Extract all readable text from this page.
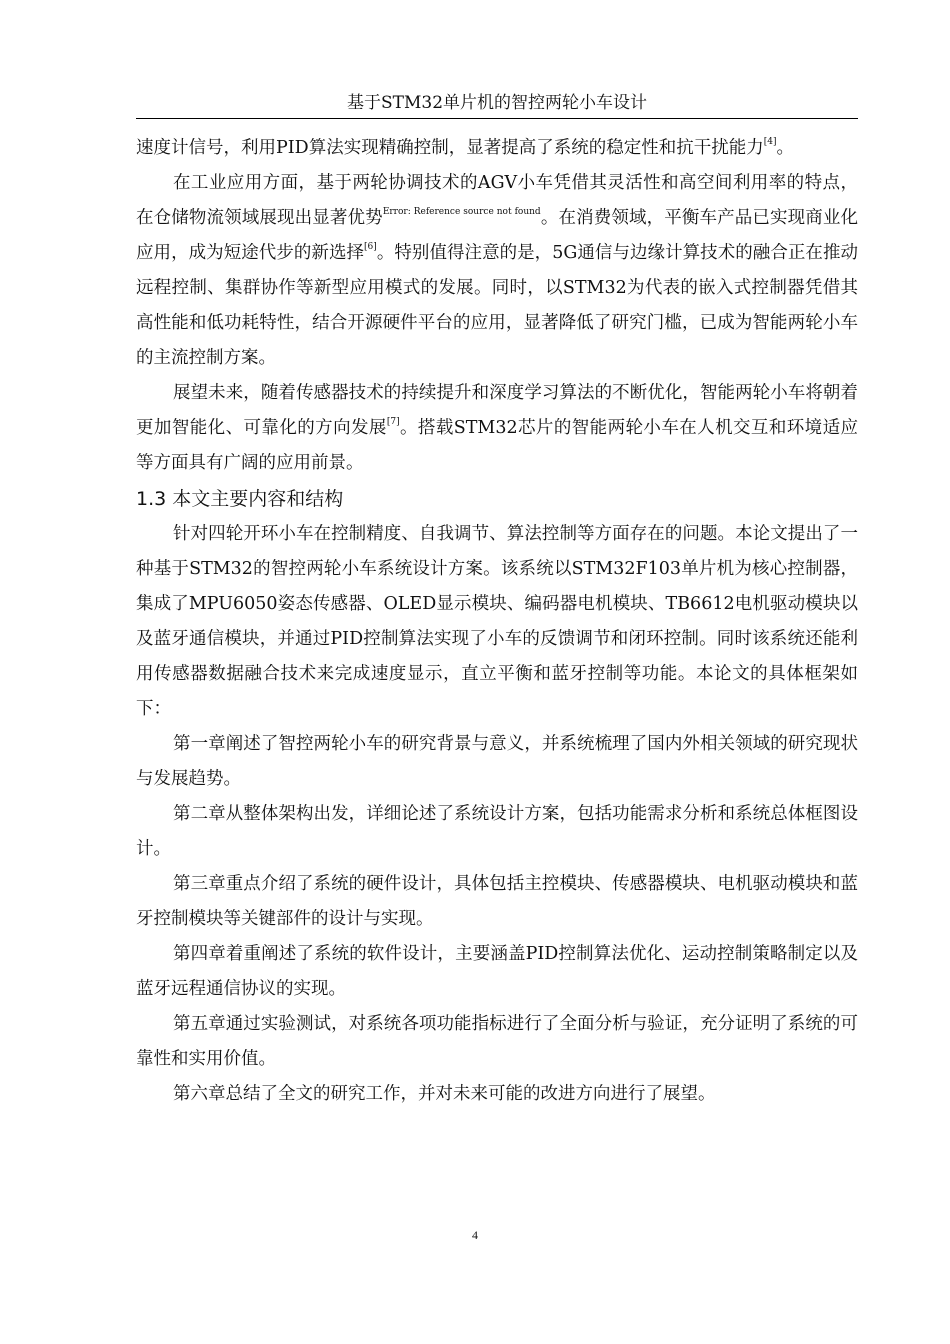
基于STM32单片机的智控两轮小车设计

速度计信号，利用PID算法实现精确控制，显著提高了系统的稳定性和抗干扰能力[4]。

在工业应用方面，基于两轮协调技术的AGV小车凭借其灵活性和高空间利用率的特点，在仓储物流领域展现出显著优势$^{Error: Reference source not found}$。在消费领域，平衡车产品已实现商业化应用，成为短途代步的新选择[6]。特别值得注意的是，5G通信与边缘计算技术的融合正在推动远程控制、集群协作等新型应用模式的发展。同时，以STM32为代表的嵌入式控制器凭借其高性能和低功耗特性，结合开源硬件平台的应用，显著降低了研究门槛，已成为智能两轮小车的主流控制方案。

展望未来，随着传感器技术的持续提升和深度学习算法的不断优化，智能两轮小车将朝着更加智能化、可靠化的方向发展[7]。搭载STM32芯片的智能两轮小车在人机交互和环境适应等方面具有广阔的应用前景。

1.3 本文主要内容和结构

针对四轮开环小车在控制精度、自我调节、算法控制等方面存在的问题。本论文提出了一种基于STM32的智控两轮小车系统设计方案。该系统以STM32F103单片机为核心控制器，集成了MPU6050姿态传感器、OLED显示模块、编码器电机模块、TB6612电机驱动模块以及蓝牙通信模块，并通过PID控制算法实现了小车的反馈调节和闭环控制。同时该系统还能利用传感器数据融合技术来完成速度显示，直立平衡和蓝牙控制等功能。本论文的具体框架如下：

第一章阐述了智控两轮小车的研究背景与意义，并系统梳理了国内外相关领域的研究现状与发展趋势。

第二章从整体架构出发，详细论述了系统设计方案，包括功能需求分析和系统总体框图设计。

第三章重点介绍了系统的硬件设计，具体包括主控模块、传感器模块、电机驱动模块和蓝牙控制模块等关键部件的设计与实现。

第四章着重阐述了系统的软件设计，主要涵盖PID控制算法优化、运动控制策略制定以及蓝牙远程通信协议的实现。

第五章通过实验测试，对系统各项功能指标进行了全面分析与验证，充分证明了系统的可靠性和实用价值。

第六章总结了全文的研究工作，并对未来可能的改进方向进行了展望。

4
